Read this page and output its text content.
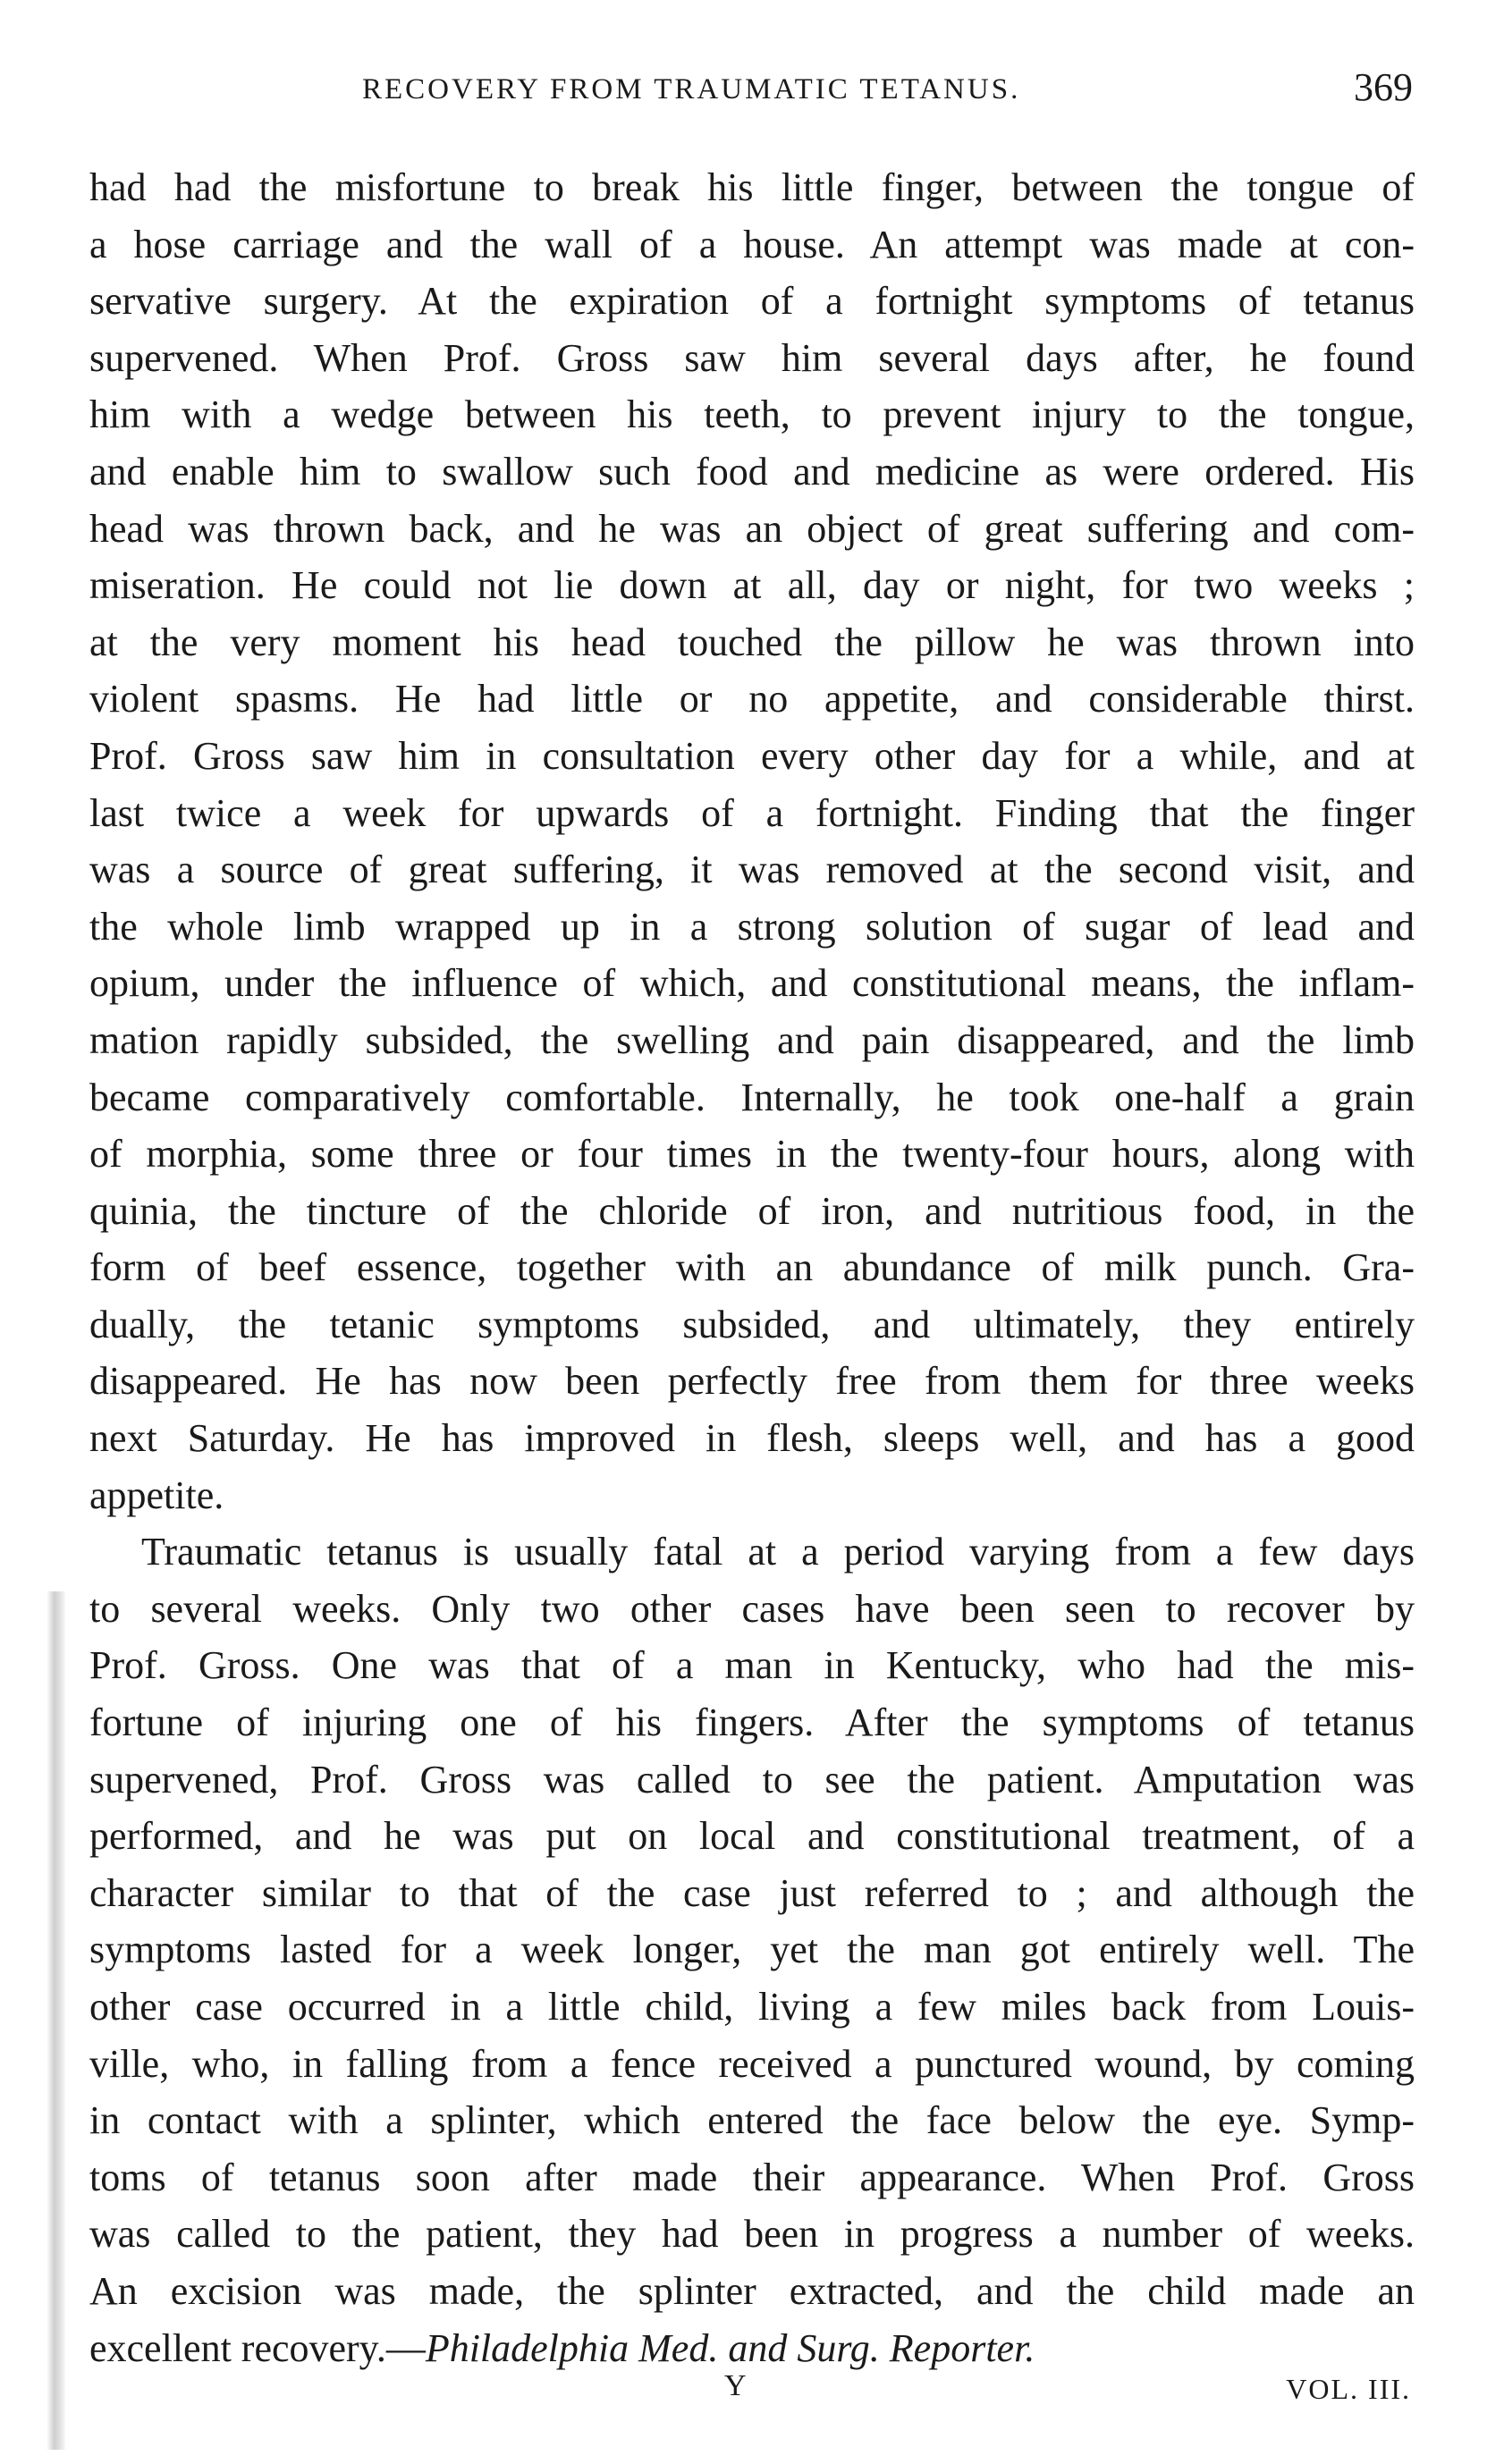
RECOVERY FROM TRAUMATIC TETANUS.	369
had had the misfortune to break his little finger, between the tongue of
a hose carriage and the wall of a house. An attempt was made at con-
servative surgery. At the expiration of a fortnight symptoms of tetanus
supervened. When Prof. Gross saw him several days after, he found
him with a wedge between his teeth, to prevent injury to the tongue,
and enable him to swallow such food and medicine as were ordered. His
head was thrown back, and he was an object of great suffering and com-
miseration. He could not lie down at all, day or night, for two weeks ;
at the very moment his head touched the pillow he was thrown into
violent spasms. He had little or no appetite, and considerable thirst.
Prof. Gross saw him in consultation every other day for a while, and at
last twice a week for upwards of a fortnight. Finding that the finger
was a source of great suffering, it was removed at the second visit, and
the whole limb wrapped up in a strong solution of sugar of lead and
opium, under the influence of which, and constitutional means, the inflam-
mation rapidly subsided, the swelling and pain disappeared, and the limb
became comparatively comfortable. Internally, he took one-half a grain
of morphia, some three or four times in the twenty-four hours, along with
quinia, the tincture of the chloride of iron, and nutritious food, in the
form of beef essence, together with an abundance of milk punch. Gra-
dually, the tetanic symptoms subsided, and ultimately, they entirely
disappeared. He has now been perfectly free from them for three weeks
next Saturday. He has improved in flesh, sleeps well, and has a good
appetite.
Traumatic tetanus is usually fatal at a period varying from a few days
to several weeks. Only two other cases have been seen to recover by
Prof. Gross. One was that of a man in Kentucky, who had the mis-
fortune of injuring one of his fingers. After the symptoms of tetanus
supervened, Prof. Gross was called to see the patient. Amputation was
performed, and he was put on local and constitutional treatment, of a
character similar to that of the case just referred to ; and although the
symptoms lasted for a week longer, yet the man got entirely well. The
other case occurred in a little child, living a few miles back from Louis-
ville, who, in falling from a fence received a punctured wound, by coming
in contact with a splinter, which entered the face below the eye. Symp-
toms of tetanus soon after made their appearance. When Prof. Gross
was called to the patient, they had been in progress a number of weeks.
An excision was made, the splinter extracted, and the child made an
excellent recovery.—Philadelphia Med. and Surg. Reporter.
Y	VOL. III.
